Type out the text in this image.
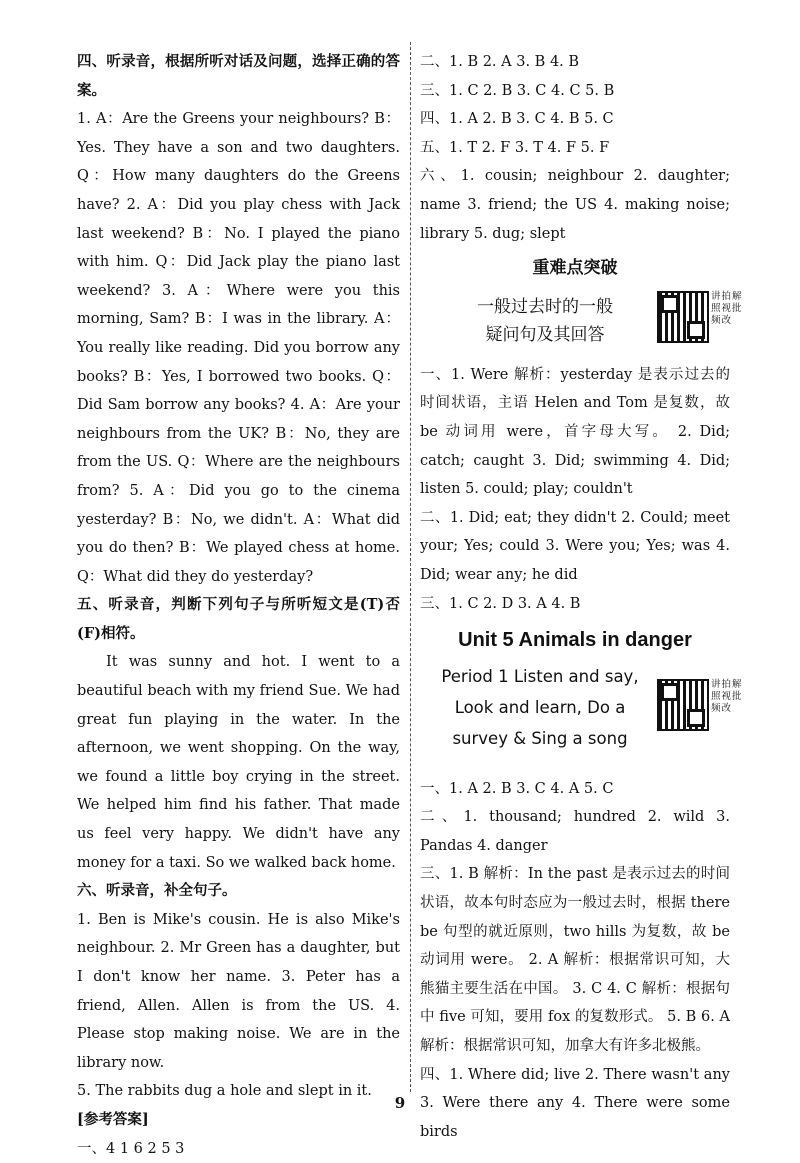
四、听录音，根据所听对话及问题，选择正确的答案。

1. A：Are the Greens your neighbours? B：Yes. They have a son and two daughters. Q：How many daughters do the Greens have? 2. A：Did you play chess with Jack last weekend? B：No. I played the piano with him. Q：Did Jack play the piano last weekend? 3. A：Where were you this morning, Sam? B：I was in the library. A：You really like reading. Did you borrow any books? B：Yes, I borrowed two books. Q：Did Sam borrow any books? 4. A：Are your neighbours from the UK? B：No, they are from the US. Q：Where are the neighbours from? 5. A：Did you go to the cinema yesterday? B：No, we didn't. A：What did you do then? B：We played chess at home. Q：What did they do yesterday?

五、听录音，判断下列句子与所听短文是(T)否(F)相符。

It was sunny and hot. I went to a beautiful beach with my friend Sue. We had great fun playing in the water. In the afternoon, we went shopping. On the way, we found a little boy crying in the street. We helped him find his father. That made us feel very happy. We didn't have any money for a taxi. So we walked back home.

六、听录音，补全句子。

1. Ben is Mike's cousin. He is also Mike's neighbour. 2. Mr Green has a daughter, but I don't know her name. 3. Peter has a friend, Allen. Allen is from the US. 4. Please stop making noise. We are in the library now.

5. The rabbits dug a hole and slept in it.

[参考答案]

一、4 1 6 2 5 3

二、1. B 2. A 3. B 4. B

三、1. C 2. B 3. C 4. C 5. B

四、1. A 2. B 3. C 4. B 5. C

五、1. T 2. F 3. T 4. F 5. F

六、1. cousin; neighbour 2. daughter; name 3. friend; the US 4. making noise; library 5. dug; slept

重难点突破
一般过去时的一般
疑问句及其回答
讲拍解照视批频改

一、1. Were 解析：yesterday 是表示过去的时间状语，主语 Helen and Tom 是复数，故 be 动词用 were，首字母大写。 2. Did; catch; caught 3. Did; swimming 4. Did; listen 5. could; play; couldn't

二、1. Did; eat; they didn't 2. Could; meet your; Yes; could 3. Were you; Yes; was 4. Did; wear any; he did

三、1. C 2. D 3. A 4. B

Unit 5 Animals in danger
Period 1 Listen and say,
Look and learn, Do a
survey & Sing a song
讲拍解照视批频改

一、1. A 2. B 3. C 4. A 5. C

二、1. thousand; hundred 2. wild 3. Pandas 4. danger

三、1. B 解析：In the past 是表示过去的时间状语，故本句时态应为一般过去时，根据 there be 句型的就近原则，two hills 为复数，故 be 动词用 were。 2. A 解析：根据常识可知，大熊猫主要生活在中国。 3. C 4. C 解析：根据句中 five 可知，要用 fox 的复数形式。 5. B 6. A 解析：根据常识可知，加拿大有许多北极熊。

四、1. Where did; live 2. There wasn't any 3. Were there any 4. There were some birds

9
